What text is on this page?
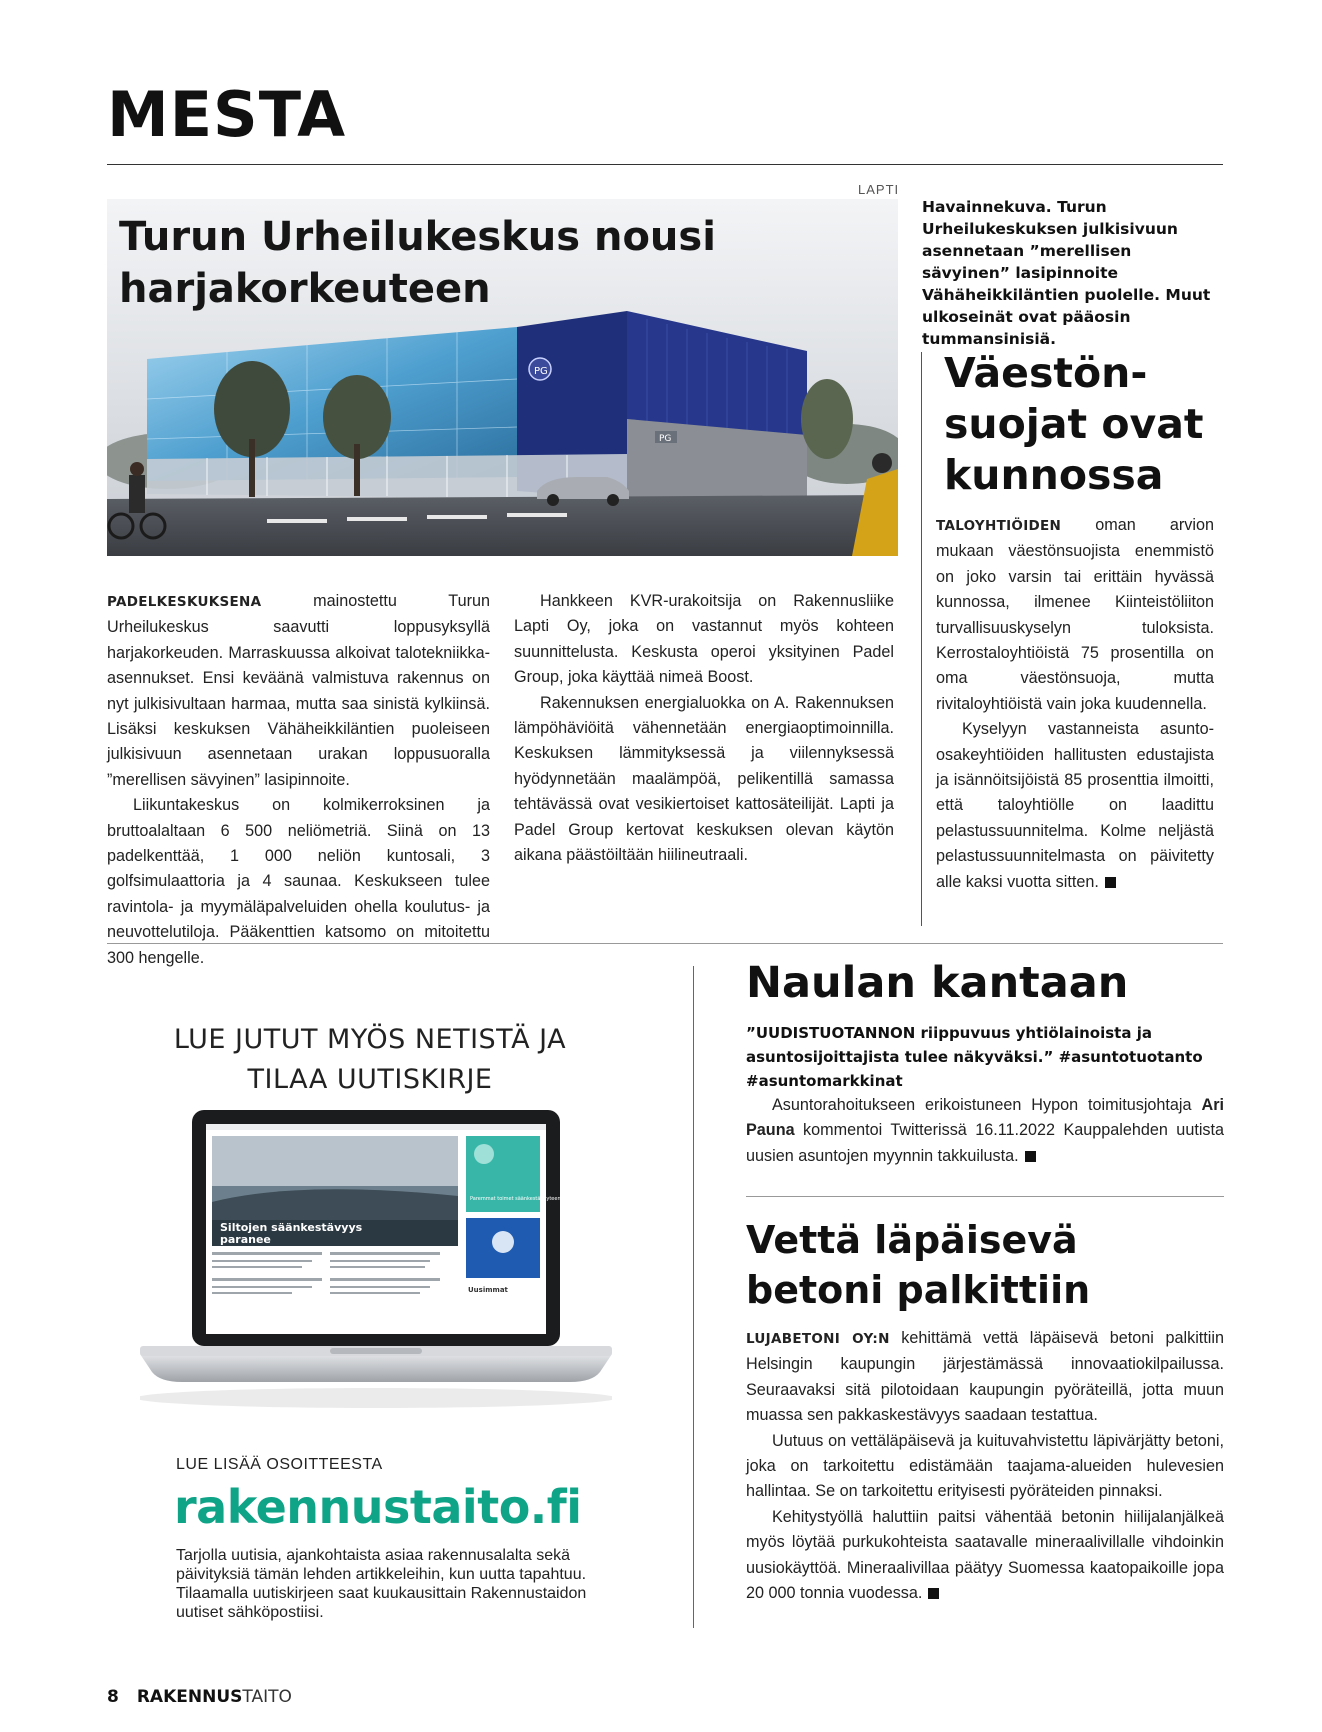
MESTA
LAPTI
PG
PG
Turun Urheilukeskus nousi
harjakorkeuteen
Havainnekuva. Turun Urheilukeskuksen julkisivuun asennetaan ”merellisen sävyinen” lasipinnoite Vähäheikkiläntien puolelle. Muut ulkoseinät ovat pääosin tummansinisiä.

PADELKESKUKSENA	mainostettu Turun Urheilukeskus saavutti loppusyksyllä harjakorkeuden. Marraskuussa alkoivat talotekniikka-asennukset. Ensi keväänä valmistuva rakennus on nyt julkisivultaan harmaa, mutta saa sinistä kylkiinsä. Lisäksi keskuksen Vähäheikkiläntien puoleiseen julkisivuun asennetaan urakan loppusuoralla ”merellisen sävyinen” lasipinnoite.

Liikuntakeskus on kolmikerroksinen ja bruttoalaltaan 6 500 neliömetriä. Siinä on 13 padelkenttää, 1 000 neliön kuntosali, 3 golfsimulaattoria ja 4 saunaa. Keskukseen tulee ravintola- ja myymäläpalveluiden ohella koulutus- ja neuvottelutiloja. Pääkenttien katsomo on mitoitettu 300 hengelle.

Hankkeen KVR-urakoitsija on Rakennusliike Lapti Oy, joka on vastannut myös kohteen suunnittelusta. Keskusta operoi yksityinen Padel Group, joka käyttää nimeä Boost.

Rakennuksen energialuokka on A. Rakennuksen lämpöhäviöitä vähennetään energiaoptimoinnilla. Keskuksen lämmityksessä ja viilennyksessä hyödynnetään maalämpöä, pelikentillä samassa tehtävässä ovat vesikiertoiset kattosäteilijät. Lapti ja Padel Group kertovat keskuksen olevan käytön aikana päästöiltään hiilineutraali.

Väestön-
suojat ovat
kunnossa

TALOYHTIÖIDEN oman arvion mukaan väestönsuojista enemmistö on joko varsin tai erittäin hyvässä kunnossa, ilmenee Kiinteistöliiton turvallisuuskyselyn tuloksista. Kerrostaloyhtiöistä 75 prosentilla on oma väestönsuoja, mutta rivitaloyhtiöistä vain joka kuudennella.

Kyselyyn vastanneista asunto-osakeyhtiöiden hallitusten edustajista ja isännöitsijöistä 85 prosenttia ilmoitti, että taloyhtiölle on laadittu pelastussuunnitelma. Kolme neljästä pelastussuunnitelmasta on päivitetty alle kaksi vuotta sitten.

LUE JUTUT MYÖS NETISTÄ JA TILAA UUTISKIRJE
Siltojen säänkestävyys
paranee
Paremmat toimet säänkestävyyteen
Uusimmat
LUE LISÄÄ OSOITTEESTA
rakennustaito.fi
Tarjolla uutisia, ajankohtaista asiaa rakennusalalta sekä päivityksiä tämän lehden artikkeleihin, kun uutta tapahtuu. Tilaamalla uutiskirjeen saat kuukausittain Rakennustaidon uutiset sähköpostiisi.
Naulan kantaan

”UUDISTUOTANNON riippuvuus yhtiölainoista ja asuntosijoittajista tulee näkyväksi.” #asuntotuotanto #asuntomarkkinat

Asuntorahoitukseen erikoistuneen Hypon toimitusjohtaja Ari Pauna kommentoi Twitterissä 16.11.2022 Kauppalehden uutista uusien asuntojen myynnin takkuilusta.

Vettä läpäisevä
betoni palkittiin

LUJABETONI OY:N kehittämä vettä läpäisevä betoni palkittiin Helsingin kaupungin järjestämässä innovaatiokilpailussa. Seuraavaksi sitä pilotoidaan kaupungin pyöräteillä, jotta muun muassa sen pakkaskestävyys saadaan testattua.

Uutuus on vettäläpäisevä ja kuituvahvistettu läpivärjätty betoni, joka on tarkoitettu edistämään taajama-alueiden hulevesien hallintaa. Se on tarkoitettu erityisesti pyöräteiden pinnaksi.

Kehitystyöllä haluttiin paitsi vähentää betonin hiilijalanjälkeä myös löytää purkukohteista saatavalle mineraalivillalle vihdoinkin uusiokäyttöä. Mineraalivillaa päätyy Suomessa kaatopaikoille jopa 20 000 tonnia vuodessa.

8 RAKENNUSTAITO
